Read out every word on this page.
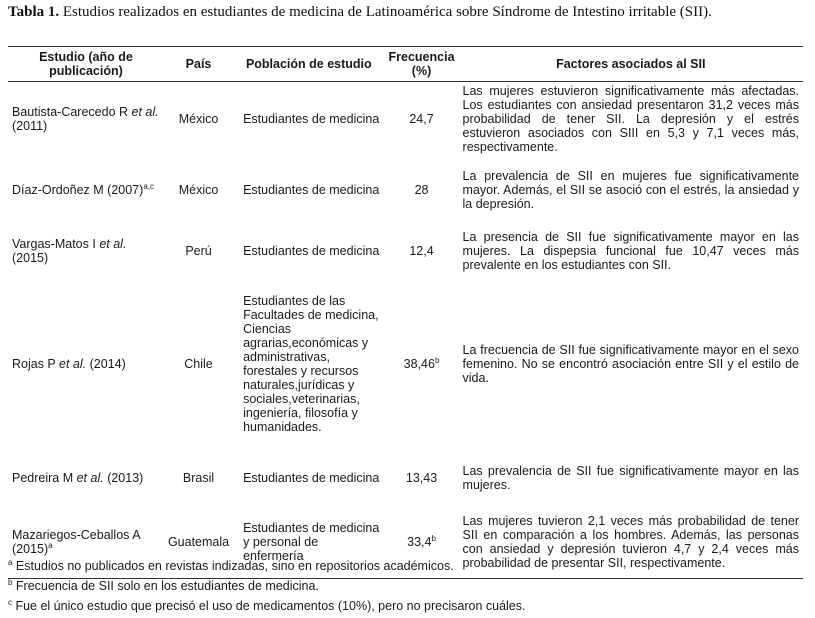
Tabla 1. Estudios realizados en estudiantes de medicina de Latinoamérica sobre Síndrome de Intestino irritable (SII).
Estudio (año de publicación)	País	Población de estudio	Frecuencia (%)	Factores asociados al SII
Bautista-Carecedo R et al. (2011)	México	Estudiantes de medicina	24,7	Las mujeres estuvieron significativamente más afectadas. Los estudiantes con ansiedad presentaron 31,2 veces más probabilidad de tener SII. La depresión y el estrés estuvieron asociados con SIII en 5,3 y 7,1 veces más, respectivamente.
Díaz-Ordoñez M $(2007)^{a,c}$	México	Estudiantes de medicina	28	La prevalencia de SII en mujeres fue significativamente mayor. Además, el SII se asoció con el estrés, la ansiedad y la depresión.
Vargas-Matos I et al. (2015)	Perú	Estudiantes de medicina	12,4	La presencia de SII fue significativamente mayor en las mujeres. La dispepsia funcional fue 10,47 veces más prevalente en los estudiantes con SII.
Rojas P et al. (2014)	Chile	Estudiantes de las Facultades de medicina, Ciencias agrarias,económicas y administrativas, forestales y recursos naturales,jurídicas y sociales,veterinarias, ingeniería, filosofía y humanidades.	38,46$^b$	La frecuencia de SII fue significativamente mayor en el sexo femenino. No se encontró asociación entre SII y el estilo de vida.
Pedreira M et al. (2013)	Brasil	Estudiantes de medicina	13,43	Las prevalencia de SII fue significativamente mayor en las mujeres.
Mazariegos-Ceballos A $(2015)^a$	Guatemala	Estudiantes de medicina y personal de enfermería	33,4$^b$	Las mujeres tuvieron 2,1 veces más probabilidad de tener SII en comparación a los hombres. Además, las personas con ansiedad y depresión tuvieron 4,7 y 2,4 veces más probabilidad de presentar SII, respectivamente.
$^a$ Estudios no publicados en revistas indizadas, sino en repositorios académicos.
$^b$ Frecuencia de SII solo en los estudiantes de medicina.
$^c$ Fue el único estudio que precisó el uso de medicamentos (10%), pero no precisaron cuáles.
